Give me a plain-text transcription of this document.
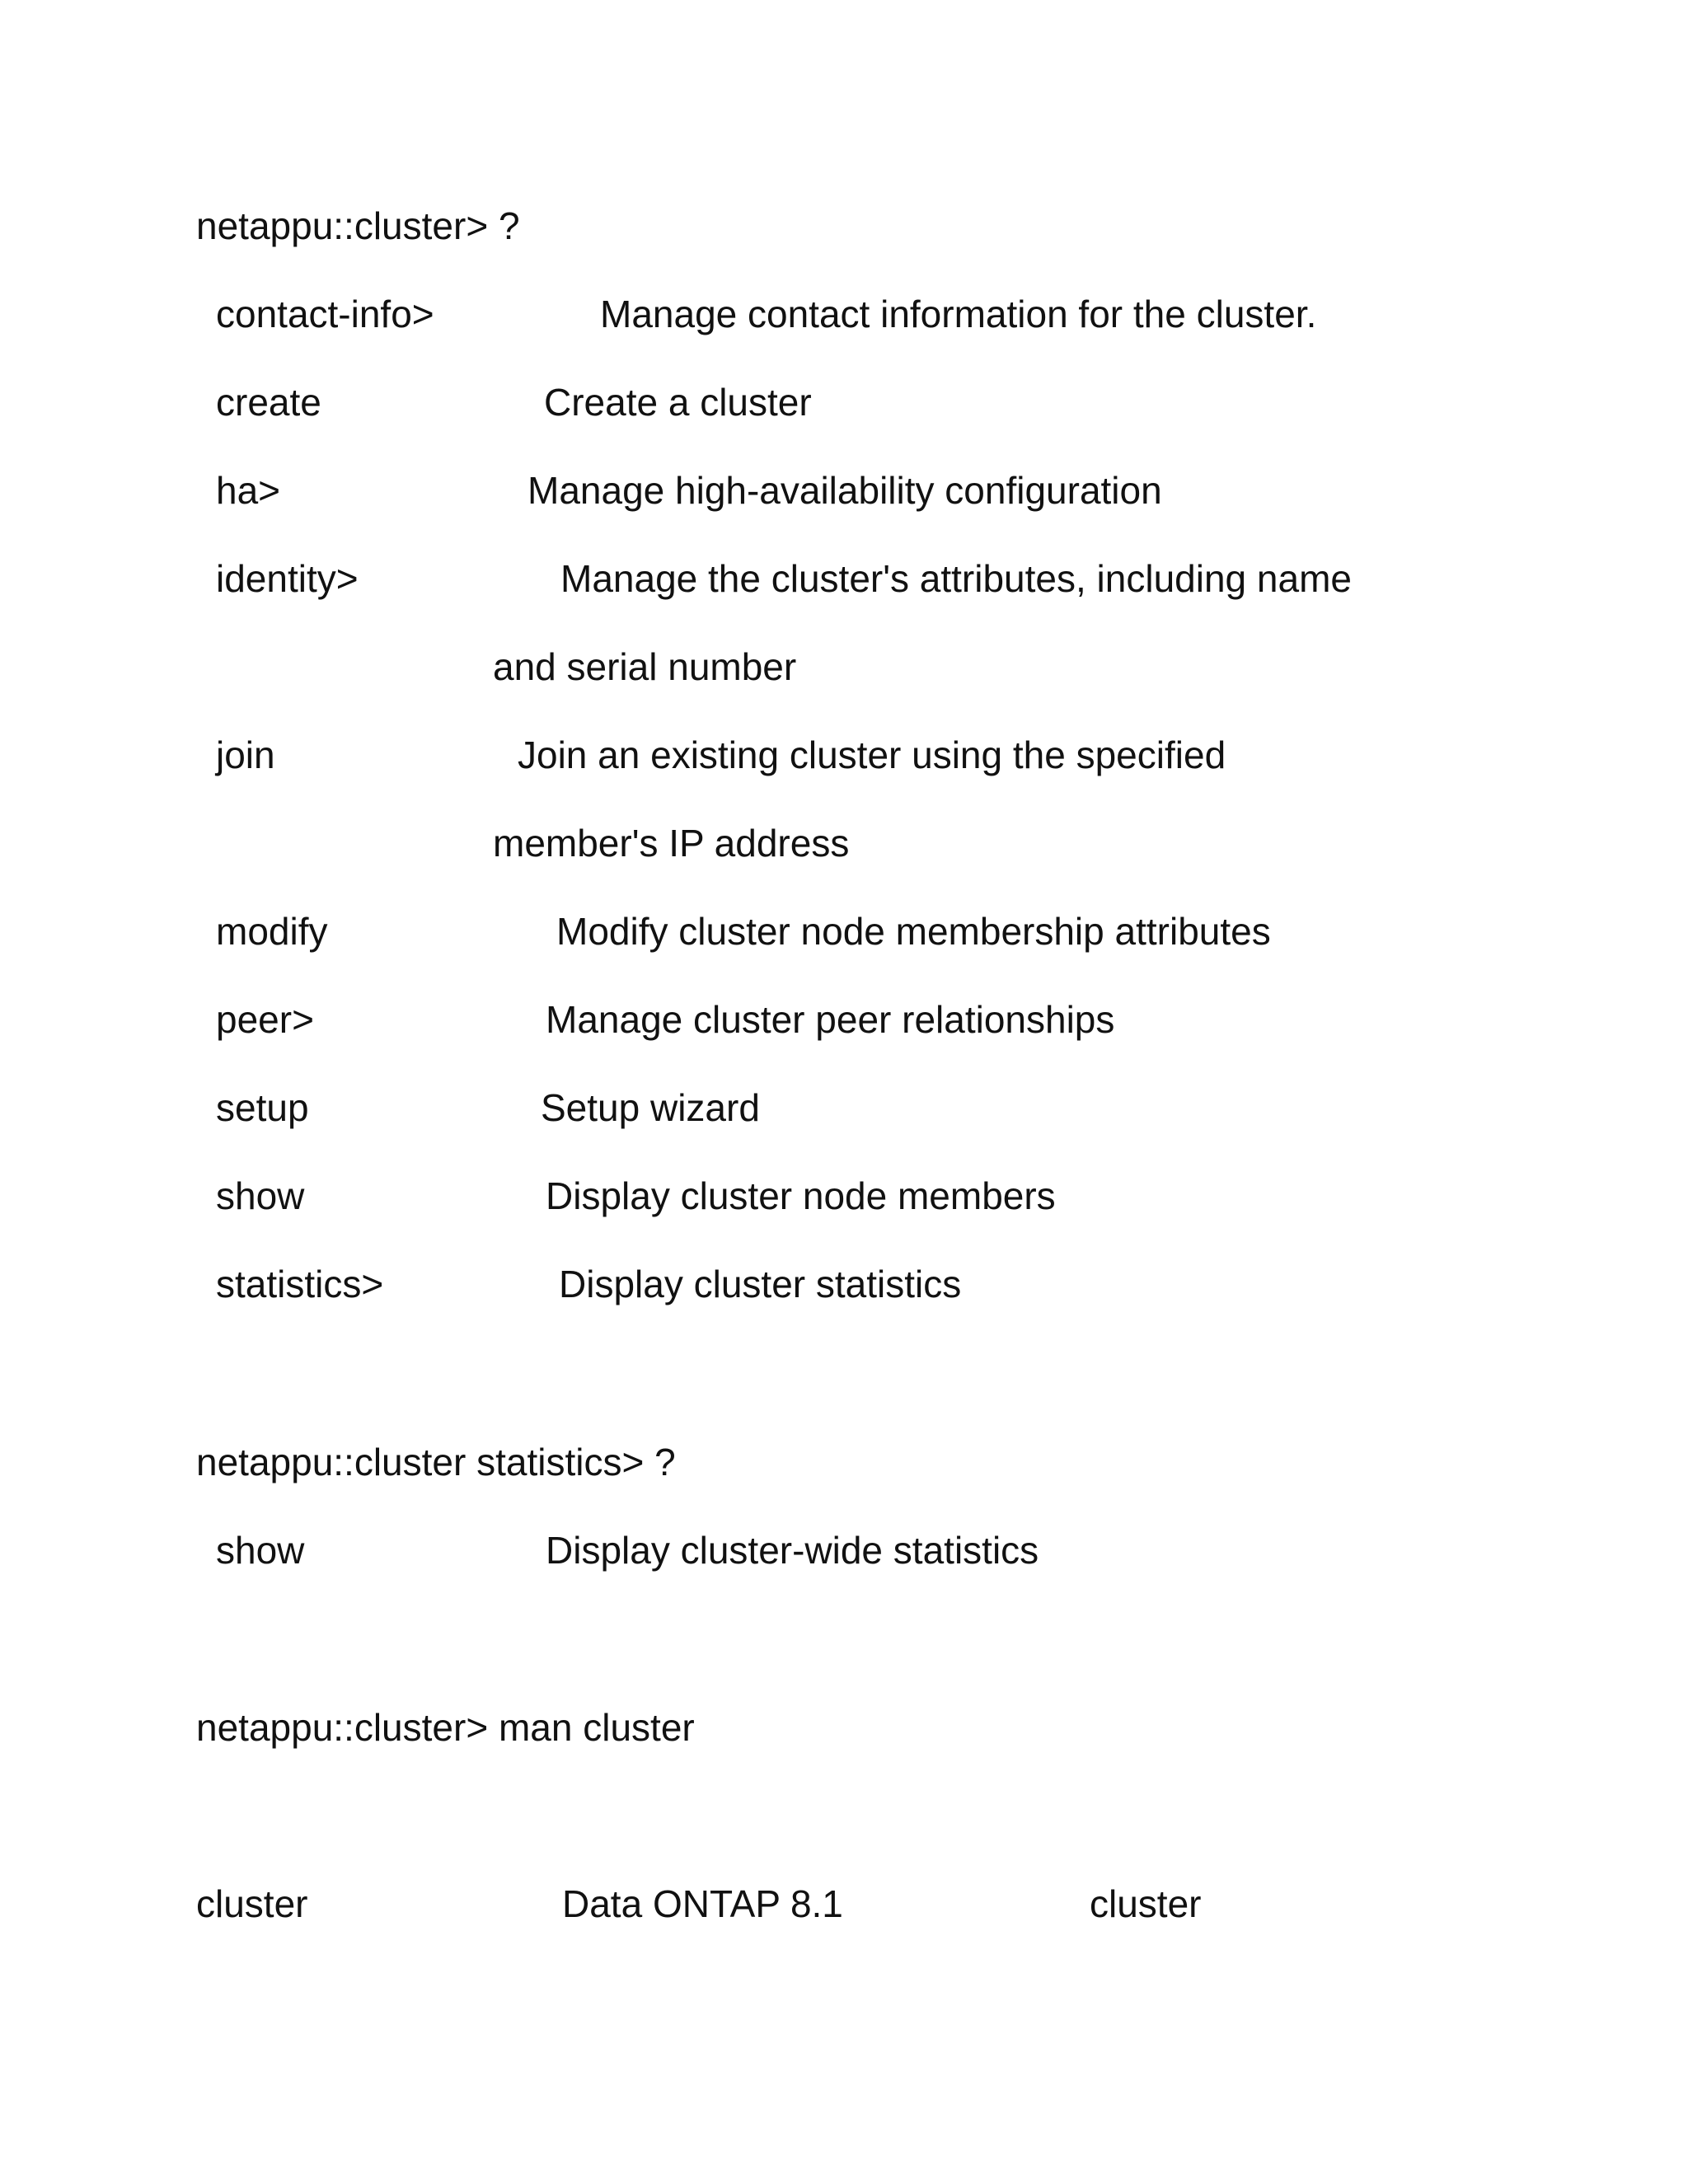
netappu::cluster> ?

contact-info>	Manage contact information for the cluster.

create	Create a cluster

ha>	Manage high-availability configuration

identity>	Manage the cluster's attributes, including name

and serial number

join	Join an existing cluster using the specified

member's IP address

modify	Modify cluster node membership attributes

peer>	Manage cluster peer relationships

setup	Setup wizard

show	Display cluster node members

statistics>	Display cluster statistics

netappu::cluster statistics> ?

show	Display cluster-wide statistics

netappu::cluster> man cluster

cluster	Data ONTAP 8.1	cluster
